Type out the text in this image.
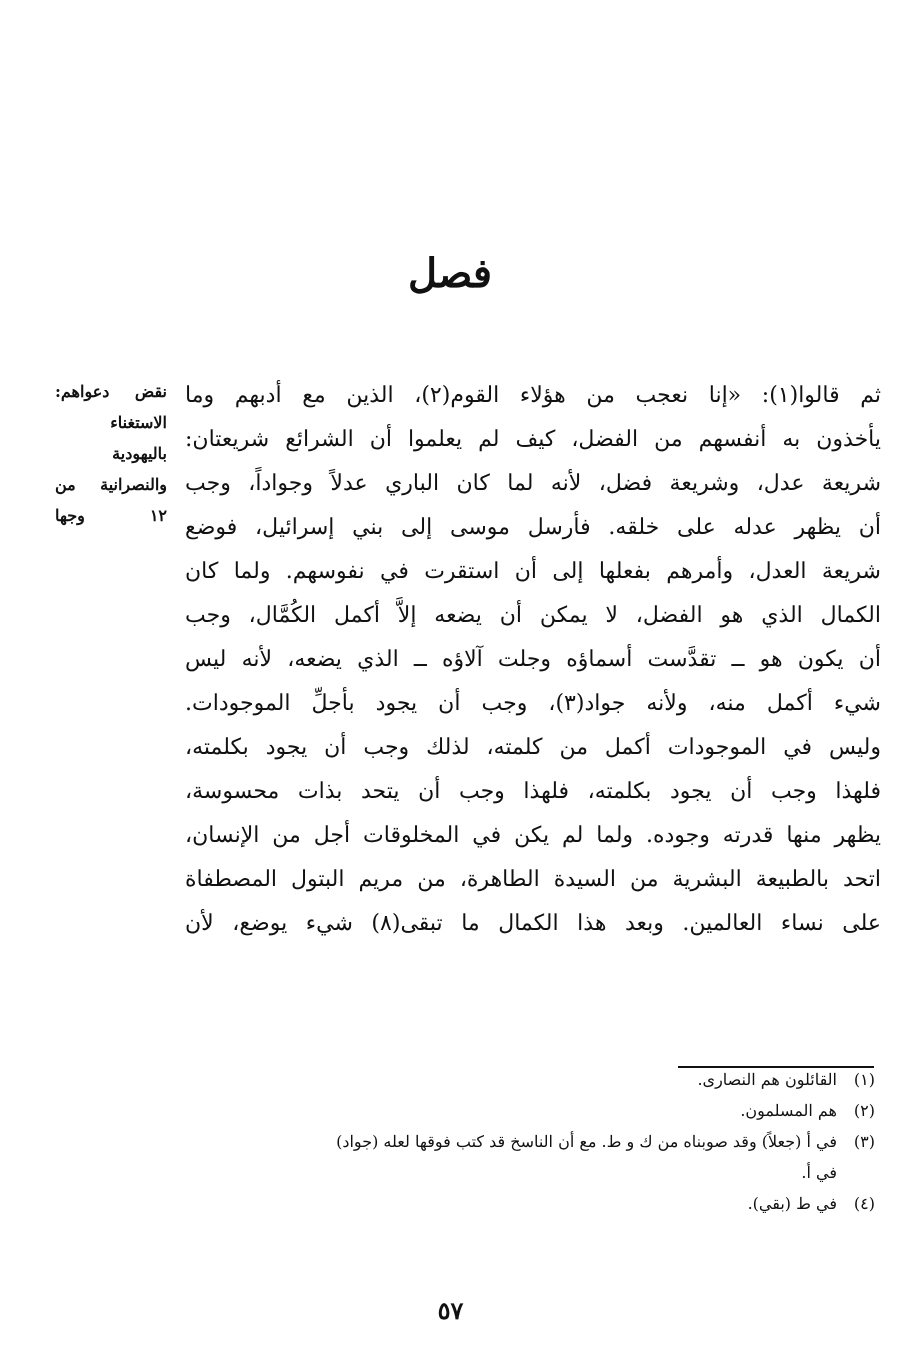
فصل

ثم قالوا(١): «إنا نعجب من هؤلاء القوم(٢)، الذين مع أدبهم وما

يأخذون به أنفسهم من الفضل، كيف لم يعلموا أن الشرائع شريعتان:

شريعة عدل، وشريعة فضل، لأنه لما كان الباري عدلاً وجواداً، وجب

أن يظهر عدله على خلقه. فأرسل موسى إلى بني إسرائيل، فوضع

شريعة العدل، وأمرهم بفعلها إلى أن استقرت في نفوسهم. ولما كان

الكمال الذي هو الفضل، لا يمكن أن يضعه إلاَّ أكمل الكُمَّال، وجب

أن يكون هو ــ تقدَّست أسماؤه وجلت آلاؤه ــ الذي يضعه، لأنه ليس

شيء أكمل منه، ولأنه جواد(٣)، وجب أن يجود بأجلِّ الموجودات.

وليس في الموجودات أكمل من كلمته، لذلك وجب أن يجود بكلمته،

فلهذا وجب أن يجود بكلمته، فلهذا وجب أن يتحد بذات محسوسة،

يظهر منها قدرته وجوده. ولما لم يكن في المخلوقات أجل من الإنسان،

اتحد بالطبيعة البشرية من السيدة الطاهرة، من مريم البتول المصطفاة

على نساء العالمين. وبعد هذا الكمال ما تبقى(٨) شيء يوضع، لأن

نقض دعواهم:

الاستغناء

باليهودية

والنصرانية من

١٢ وجها

(١)
القائلون هم النصارى.
(٢)
هم المسلمون.
(٣)
في أ (جعلاً) وقد صوبناه من ك و ط. مع أن الناسخ قد كتب فوقها لعله (جواد)
في أ.
(٤)
في ط (بقي).
٥٧
